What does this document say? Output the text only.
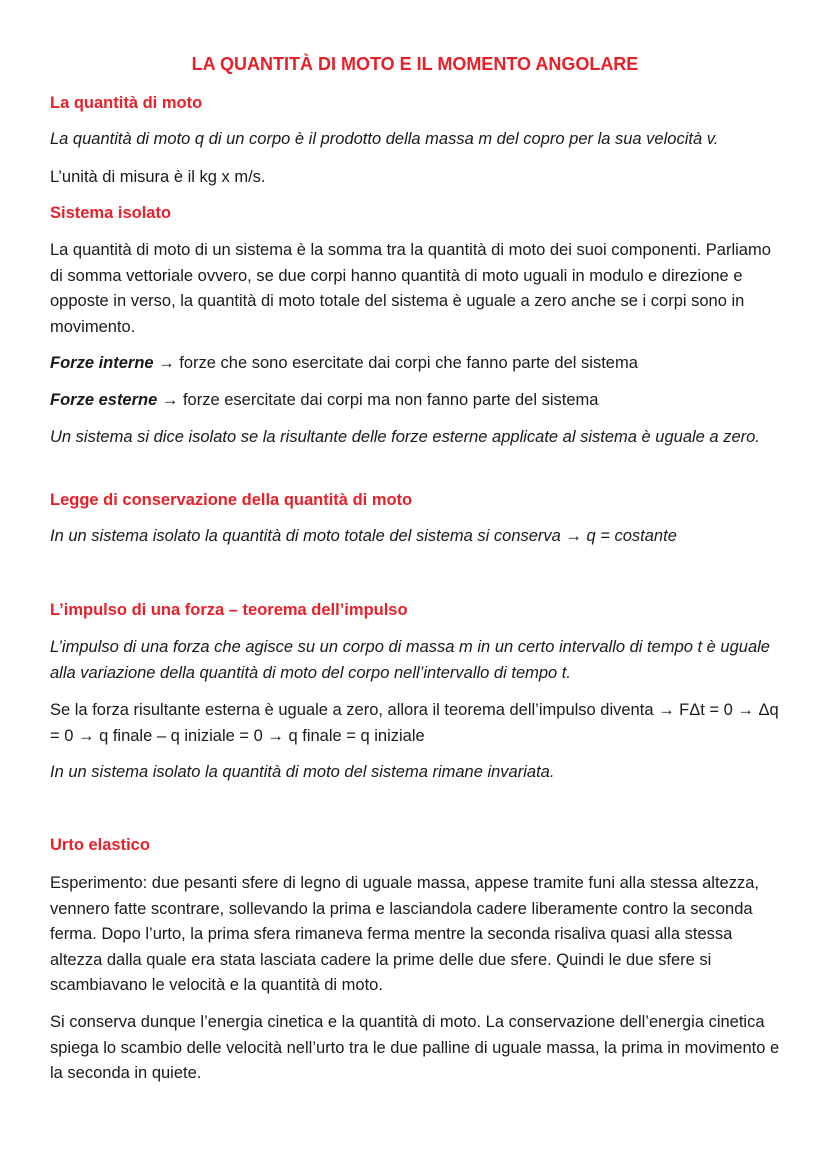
LA QUANTITÀ DI MOTO E IL MOMENTO ANGOLARE
La quantità di moto

La quantità di moto q di un corpo è il prodotto della massa m del copro per la sua velocità v.

L’unità di misura è il kg x m/s.

Sistema isolato

La quantità di moto di un sistema è la somma tra la quantità di moto dei suoi componenti. Parliamo di somma vettoriale ovvero, se due corpi hanno quantità di moto uguali in modulo e direzione e opposte in verso, la quantità di moto totale del sistema è uguale a zero anche se i corpi sono in movimento.

Forze interne → forze che sono esercitate dai corpi che fanno parte del sistema

Forze esterne → forze esercitate dai corpi ma non fanno parte del sistema

Un sistema si dice isolato se la risultante delle forze esterne applicate al sistema è uguale a zero.

Legge di conservazione della quantità di moto

In un sistema isolato la quantità di moto totale del sistema si conserva → q = costante

L’impulso di una forza – teorema dell’impulso

L’impulso di una forza che agisce su un corpo di massa m in un certo intervallo di tempo t è uguale alla variazione della quantità di moto del corpo nell’intervallo di tempo t.

Se la forza risultante esterna è uguale a zero, allora il teorema dell’impulso diventa → FΔt = 0 → Δq = 0 → q finale – q iniziale = 0 → q finale = q iniziale

In un sistema isolato la quantità di moto del sistema rimane invariata.

Urto elastico

Esperimento: due pesanti sfere di legno di uguale massa, appese tramite funi alla stessa altezza, vennero fatte scontrare, sollevando la prima e lasciandola cadere liberamente contro la seconda ferma. Dopo l’urto, la prima sfera rimaneva ferma mentre la seconda risaliva quasi alla stessa altezza dalla quale era stata lasciata cadere la prime delle due sfere. Quindi le due sfere si scambiavano le velocità e la quantità di moto.

Si conserva dunque l’energia cinetica e la quantità di moto. La conservazione dell’energia cinetica spiega lo scambio delle velocità nell’urto tra le due palline di uguale massa, la prima in movimento e la seconda in quiete.
